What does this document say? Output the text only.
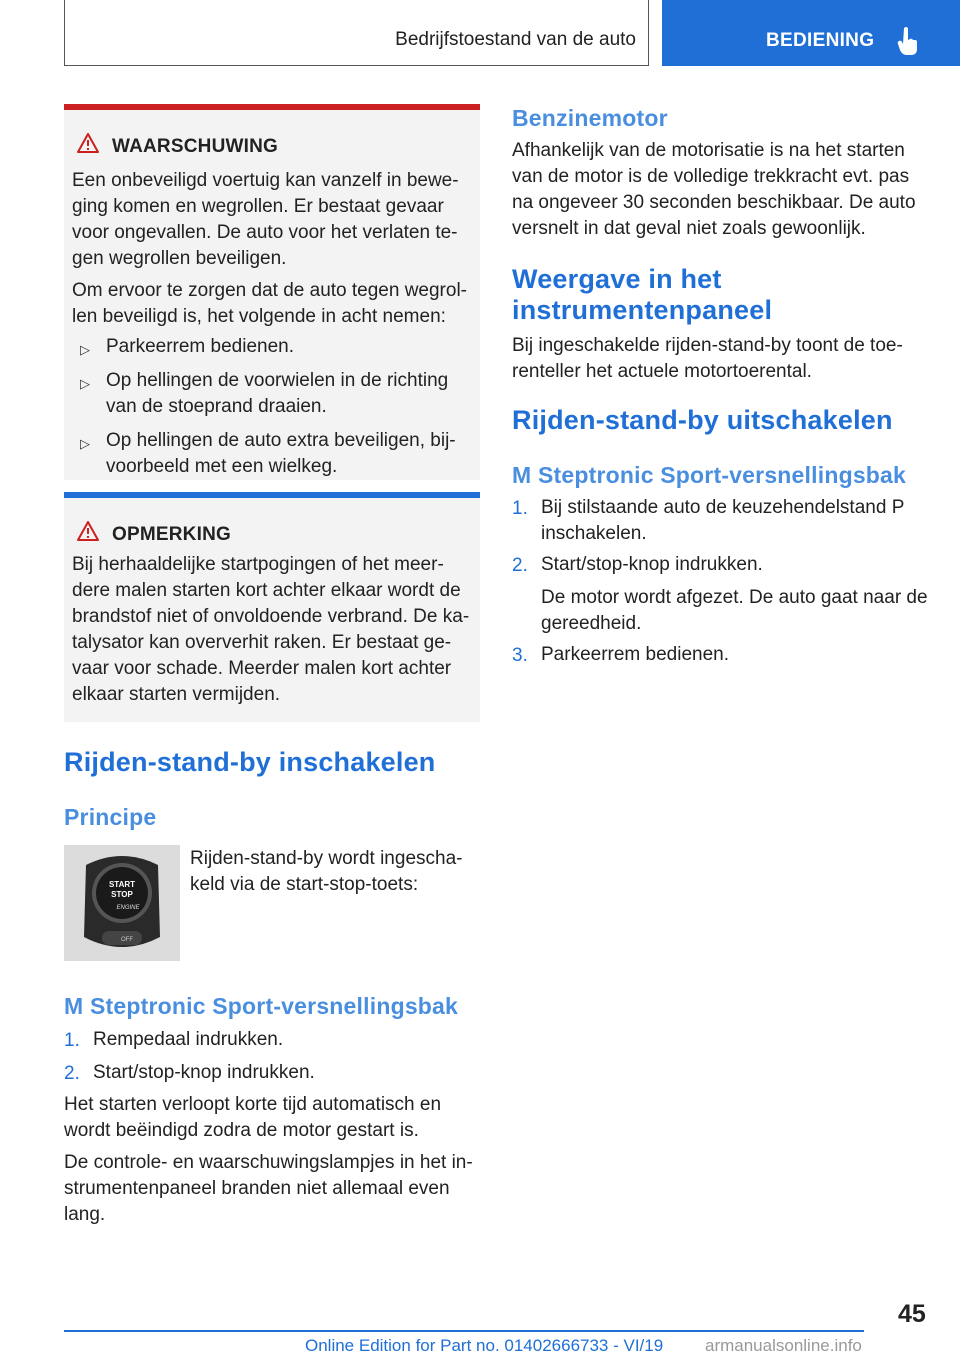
Bedrijfstoestand van de auto	BEDIENING
WAARSCHUWING
Een onbeveiligd voertuig kan vanzelf in bewe-
ging komen en wegrollen. Er bestaat gevaar
voor ongevallen. De auto voor het verlaten te-
gen wegrollen beveiligen.
Om ervoor te zorgen dat de auto tegen wegrol-
len beveiligd is, het volgende in acht nemen:
▷ Parkeerrem bedienen.
▷ Op hellingen de voorwielen in de richting
van de stoeprand draaien.
▷ Op hellingen de auto extra beveiligen, bij-
voorbeeld met een wielkeg.
OPMERKING
Bij herhaaldelijke startpogingen of het meer-
dere malen starten kort achter elkaar wordt de
brandstof niet of onvoldoende verbrand. De ka-
talysator kan oververhit raken. Er bestaat ge-
vaar voor schade. Meerder malen kort achter
elkaar starten vermijden.
Rijden-stand-by inschakelen
Principe
START
STOP
ENGINE
OFF
Rijden-stand-by wordt ingescha-
keld via de start-stop-toets:
M Steptronic Sport-versnellingsbak
1. Rempedaal indrukken.
2. Start/stop-knop indrukken.
Het starten verloopt korte tijd automatisch en
wordt beëindigd zodra de motor gestart is.
De controle- en waarschuwingslampjes in het in-
strumentenpaneel branden niet allemaal even
lang.
Benzinemotor
Afhankelijk van de motorisatie is na het starten
van de motor is de volledige trekkracht evt. pas
na ongeveer 30 seconden beschikbaar. De auto
versnelt in dat geval niet zoals gewoonlijk.
Weergave in het
instrumentenpaneel
Bij ingeschakelde rijden-stand-by toont de toe-
renteller het actuele motortoerental.
Rijden-stand-by uitschakelen
M Steptronic Sport-versnellingsbak
1. Bij stilstaande auto de keuzehendelstand P
inschakelen.
2. Start/stop-knop indrukken.
De motor wordt afgezet. De auto gaat naar de
gereedheid.
3. Parkeerrem bedienen.
45
Online Edition for Part no. 01402666733 - VI/19 armanualsonline.info
